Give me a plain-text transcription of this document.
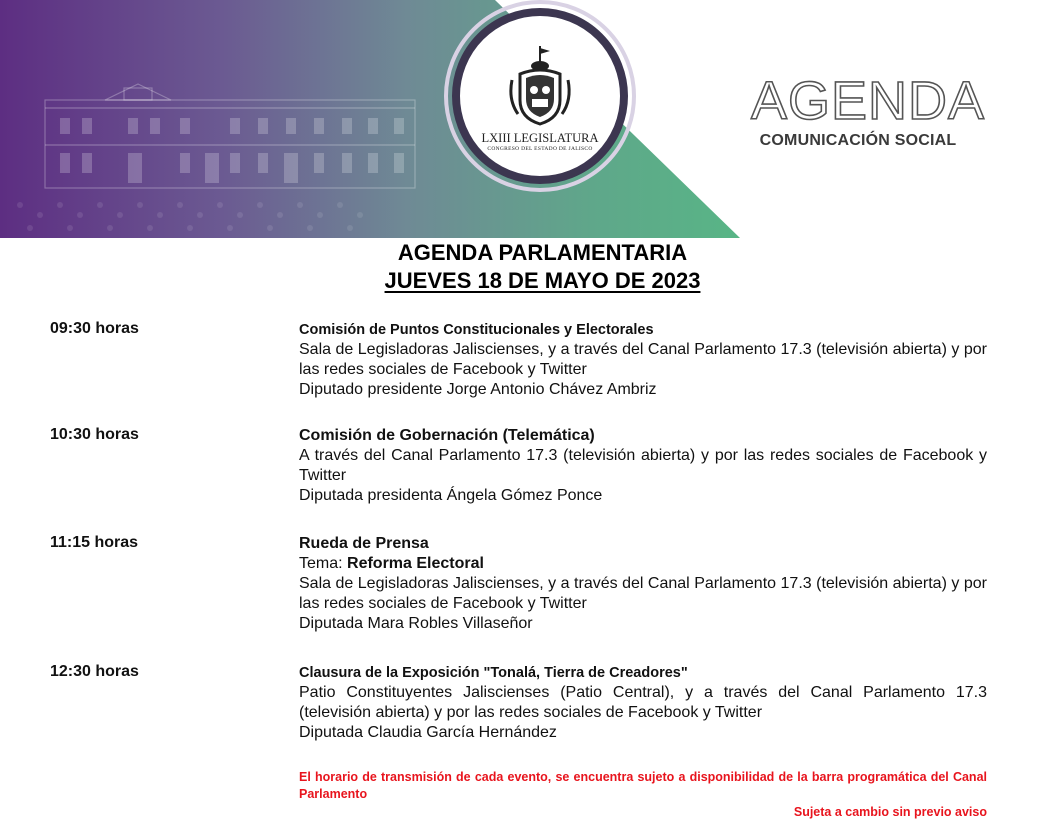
LXIII LEGISLATURA
CONGRESO DEL ESTADO DE JALISCO
AGENDA
COMUNICACIÓN SOCIAL
AGENDA PARLAMENTARIA
JUEVES 18 DE MAYO DE 2023
09:30 horas	Comisión de Puntos Constitucionales y Electorales
Sala de Legisladoras Jaliscienses, y a través del Canal Parlamento 17.3 (televisión abierta) y por las redes sociales de Facebook y Twitter
Diputado presidente Jorge Antonio Chávez Ambriz
10:30 horas	Comisión de Gobernación (Telemática)
A través del Canal Parlamento 17.3 (televisión abierta) y por las redes sociales de Facebook y Twitter
Diputada presidenta Ángela Gómez Ponce
11:15 horas	Rueda de Prensa
Tema: Reforma Electoral
Sala de Legisladoras Jaliscienses, y a través del Canal Parlamento 17.3 (televisión abierta) y por las redes sociales de Facebook y Twitter
Diputada Mara Robles Villaseñor
12:30 horas	Clausura de la Exposición "Tonalá, Tierra de Creadores"
Patio Constituyentes Jaliscienses (Patio Central), y a través del Canal Parlamento 17.3 (televisión abierta) y por las redes sociales de Facebook y Twitter
Diputada Claudia García Hernández
El horario de transmisión de cada evento, se encuentra sujeto a disponibilidad de la barra programática del Canal Parlamento
Sujeta a cambio sin previo aviso
